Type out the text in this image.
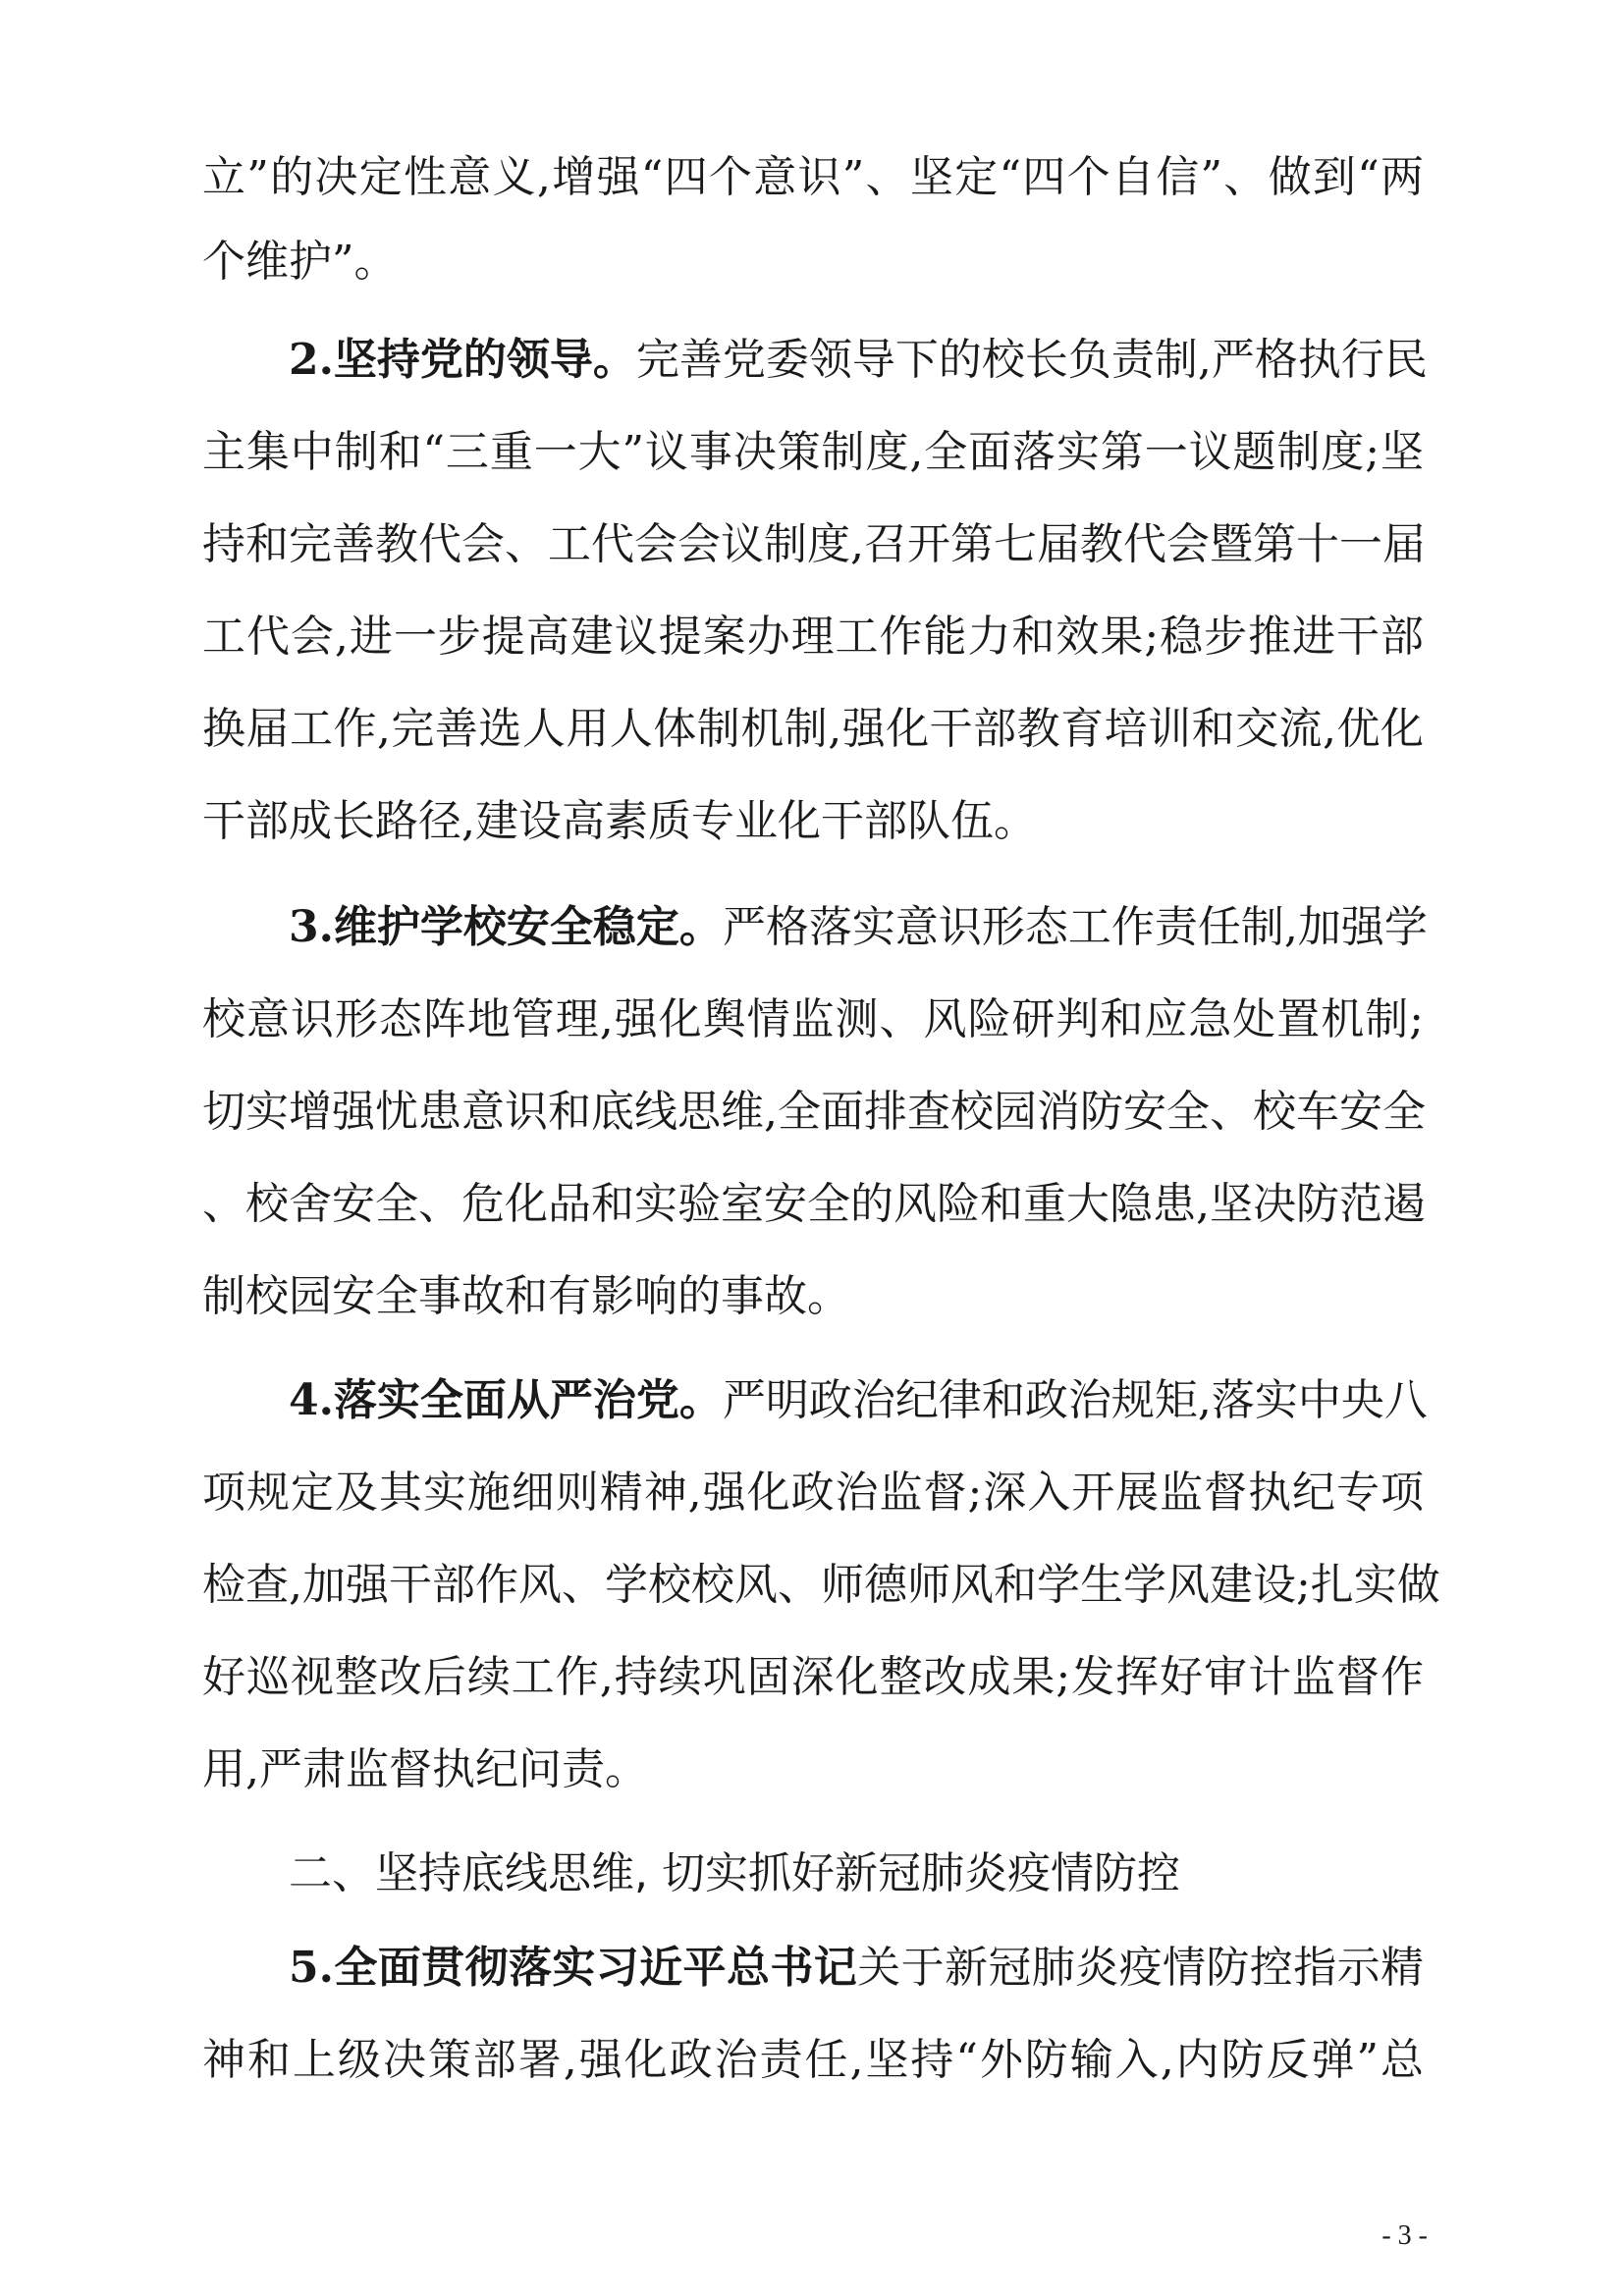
立”的决定性意义,增强“四个意识”、坚定“四个自信”、做到“两
个维护”。
2.坚持党的领导。完善党委领导下的校长负责制,严格执行民
主集中制和“三重一大”议事决策制度,全面落实第一议题制度;坚
持和完善教代会、工代会会议制度,召开第七届教代会暨第十一届
工代会,进一步提高建议提案办理工作能力和效果;稳步推进干部
换届工作,完善选人用人体制机制,强化干部教育培训和交流,优化
干部成长路径,建设高素质专业化干部队伍。
3.维护学校安全稳定。严格落实意识形态工作责任制,加强学
校意识形态阵地管理,强化舆情监测、风险研判和应急处置机制;
切实增强忧患意识和底线思维,全面排查校园消防安全、校车安全
、校舍安全、危化品和实验室安全的风险和重大隐患,坚决防范遏
制校园安全事故和有影响的事故。
4.落实全面从严治党。严明政治纪律和政治规矩,落实中央八
项规定及其实施细则精神,强化政治监督;深入开展监督执纪专项
检查,加强干部作风、学校校风、师德师风和学生学风建设;扎实做
好巡视整改后续工作,持续巩固深化整改成果;发挥好审计监督作
用,严肃监督执纪问责。
二、坚持底线思维, 切实抓好新冠肺炎疫情防控
5.全面贯彻落实习近平总书记关于新冠肺炎疫情防控指示精
神和上级决策部署,强化政治责任,坚持“外防输入,内防反弹”总
- 3 -
